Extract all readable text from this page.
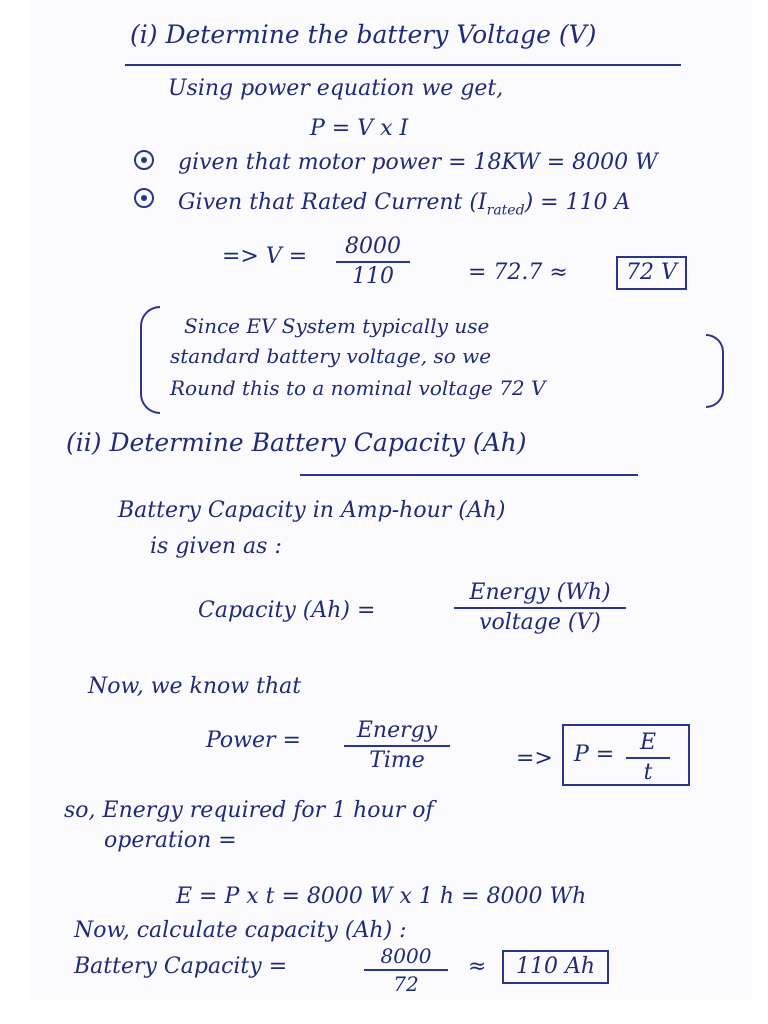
(i) Determine the battery Voltage (V)
Using power equation we get,
P = V x I
given that motor power = 18KW = 8000 W
Given that Rated Current $(I_{rated}) = 110$ A
=> V =	8000
110	= 72.7 ≈	72 V
Since EV System typically use
standard battery voltage, so we
Round this to a nominal voltage 72 V
(ii) Determine Battery Capacity (Ah)
Battery Capacity in Amp-hour (Ah)
is given as :
Capacity (Ah) =
Energy (Wh)
voltage (V)
Now, we know that
Power =	Energy
Time	=> P =	E
t
so, Energy required for 1 hour of
operation =
E = P x t = 8000 W x 1 h = 8000 Wh
Now, calculate capacity (Ah) :
Battery Capacity =	8000
72
≈	110 Ah
